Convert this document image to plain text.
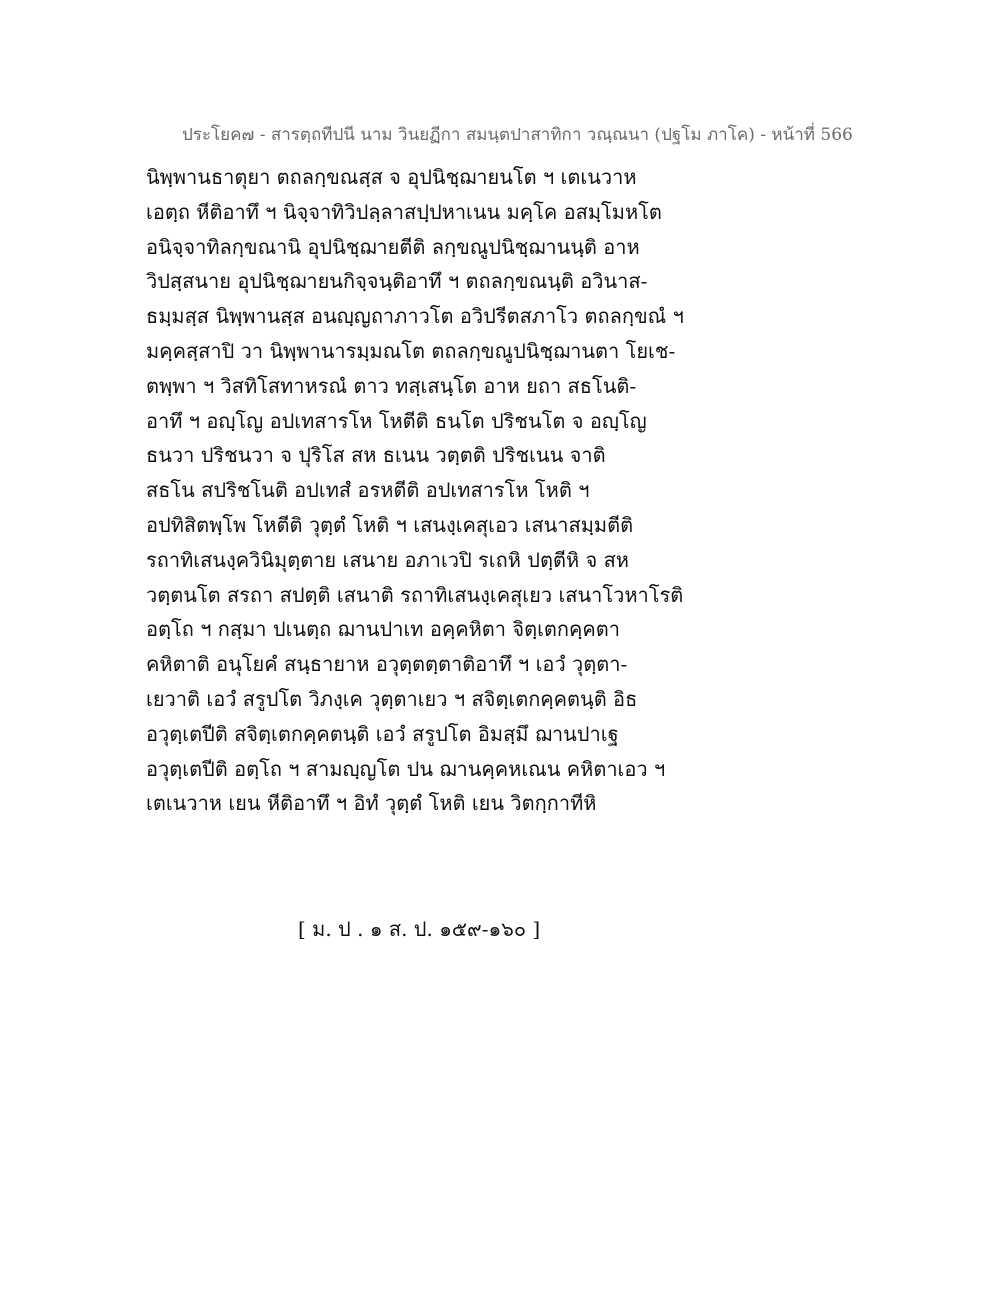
ประโยค๗ - สารตฺถทีปนี นาม วินยฏีกา สมนฺตปาสาทิกา วณฺณนา (ปฐโม ภาโค) - หน้าที่ 566
นิพฺพานธาตุยา ตถลกฺขณสฺส จ อุปนิชฺฌายนโต ฯ เตเนวาห
เอตฺถ หีติอาทึ ฯ นิจฺจาทิวิปลฺลาสปฺปหาเนน มคฺโค อสมฺโมหโต
อนิจฺจาทิลกฺขณานิ อุปนิชฺฌายตีติ ลกฺขณูปนิชฺฌานนฺติ อาห
วิปสฺสนาย อุปนิชฺฌายนกิจฺจนฺติอาทึ ฯ ตถลกฺขณนฺติ อวินาส-
ธมฺมสฺส นิพฺพานสฺส อนญฺญถาภาวโต อวิปรีตสภาโว ตถลกฺขณํ ฯ
มคฺคสฺสาปิ วา นิพฺพานารมฺมณโต ตถลกฺขณูปนิชฺฌานตา โยเช-
ตพฺพา ฯ วิสทิโสทาหรณํ ตาว ทสฺเสนฺโต อาห ยถา สธโนติ-
อาทึ ฯ อญฺโญ อปเทสารโห โหตีติ ธนโต ปริชนโต จ อญฺโญ
ธนวา ปริชนวา จ ปุริโส สห ธเนน วตฺตติ ปริชเนน จาติ
สธโน สปริชโนติ อปเทสํ อรหตีติ อปเทสารโห โหติ ฯ
อปทิสิตพฺโพ โหตีติ วุตฺตํ โหติ ฯ เสนงฺเคสุเอว เสนาสมฺมตีติ
รถาทิเสนงฺควินิมุตฺตาย เสนาย อภาเวปิ รเถหิ ปตฺตีหิ จ สห
วตฺตนโต สรถา สปตฺติ เสนาติ รถาทิเสนงฺเคสุเยว เสนาโวหาโรติ
อตฺโถ ฯ กสฺมา ปเนตฺถ ฌานปาเท อคฺคหิตา จิตฺเตกคฺคตา
คหิตาติ อนุโยคํ สนฺธายาห อวุตฺตตฺตาติอาทึ ฯ เอวํ วุตฺตา-
เยวาติ เอวํ สรูปโต วิภงฺเค วุตฺตาเยว ฯ สจิตฺเตกคฺคตนฺติ อิธ
อวุตฺเตปีติ สจิตฺเตกคฺคตนฺติ เอวํ สรูปโต อิมสฺมึ ฌานปาเฐ
อวุตฺเตปีติ อตฺโถ ฯ สามญฺญโต ปน ฌานคฺคหเณน คหิตาเอว ฯ
เตเนวาห เยน หีติอาทึ ฯ อิทํ วุตฺตํ โหติ เยน วิตกฺกาทีหิ
[ ม. ป . ๑ ส. ป. ๑๕๙-๑๖๐ ]
